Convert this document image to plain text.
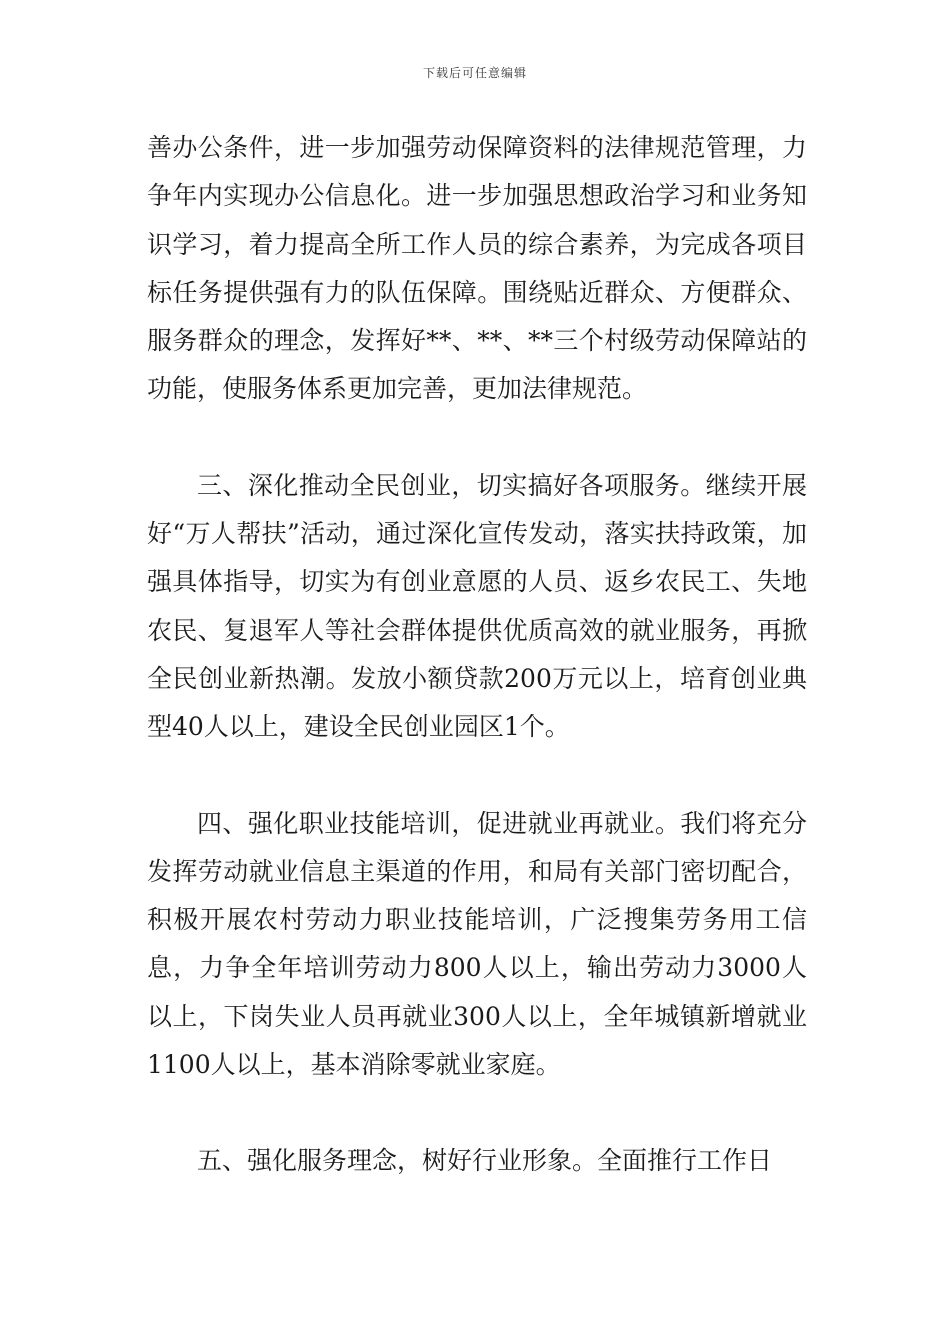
下载后可任意编辑

善办公条件，进一步加强劳动保障资料的法律规范管理，力争年内实现办公信息化。进一步加强思想政治学习和业务知识学习，着力提高全所工作人员的综合素养，为完成各项目标任务提供强有力的队伍保障。围绕贴近群众、方便群众、服务群众的理念，发挥好**、**、**三个村级劳动保障站的功能，使服务体系更加完善，更加法律规范。

三、深化推动全民创业，切实搞好各项服务。继续开展好“万人帮扶”活动，通过深化宣传发动，落实扶持政策，加强具体指导，切实为有创业意愿的人员、返乡农民工、失地农民、复退军人等社会群体提供优质高效的就业服务，再掀全民创业新热潮。发放小额贷款200万元以上，培育创业典型40人以上，建设全民创业园区1个。

四、强化职业技能培训，促进就业再就业。我们将充分发挥劳动就业信息主渠道的作用，和局有关部门密切配合，积极开展农村劳动力职业技能培训，广泛搜集劳务用工信息，力争全年培训劳动力800人以上，输出劳动力3000人以上，下岗失业人员再就业300人以上，全年城镇新增就业1100人以上，基本消除零就业家庭。

五、强化服务理念，树好行业形象。全面推行工作日
